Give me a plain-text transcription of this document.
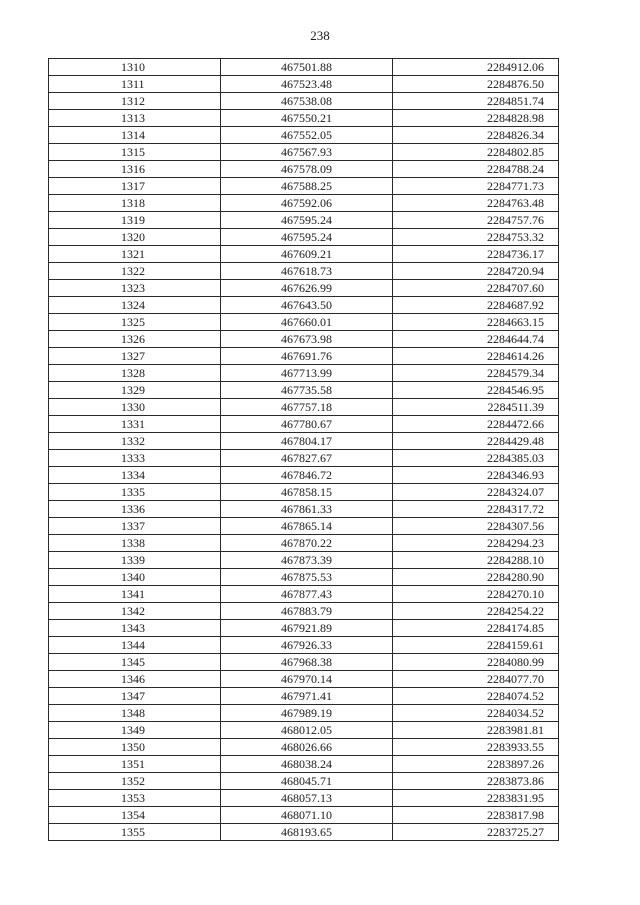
238
1310	467501.88	2284912.06
1311	467523.48	2284876.50
1312	467538.08	2284851.74
1313	467550.21	2284828.98
1314	467552.05	2284826.34
1315	467567.93	2284802.85
1316	467578.09	2284788.24
1317	467588.25	2284771.73
1318	467592.06	2284763.48
1319	467595.24	2284757.76
1320	467595.24	2284753.32
1321	467609.21	2284736.17
1322	467618.73	2284720.94
1323	467626.99	2284707.60
1324	467643.50	2284687.92
1325	467660.01	2284663.15
1326	467673.98	2284644.74
1327	467691.76	2284614.26
1328	467713.99	2284579.34
1329	467735.58	2284546.95
1330	467757.18	2284511.39
1331	467780.67	2284472.66
1332	467804.17	2284429.48
1333	467827.67	2284385.03
1334	467846.72	2284346.93
1335	467858.15	2284324.07
1336	467861.33	2284317.72
1337	467865.14	2284307.56
1338	467870.22	2284294.23
1339	467873.39	2284288.10
1340	467875.53	2284280.90
1341	467877.43	2284270.10
1342	467883.79	2284254.22
1343	467921.89	2284174.85
1344	467926.33	2284159.61
1345	467968.38	2284080.99
1346	467970.14	2284077.70
1347	467971.41	2284074.52
1348	467989.19	2284034.52
1349	468012.05	2283981.81
1350	468026.66	2283933.55
1351	468038.24	2283897.26
1352	468045.71	2283873.86
1353	468057.13	2283831.95
1354	468071.10	2283817.98
1355	468193.65	2283725.27
